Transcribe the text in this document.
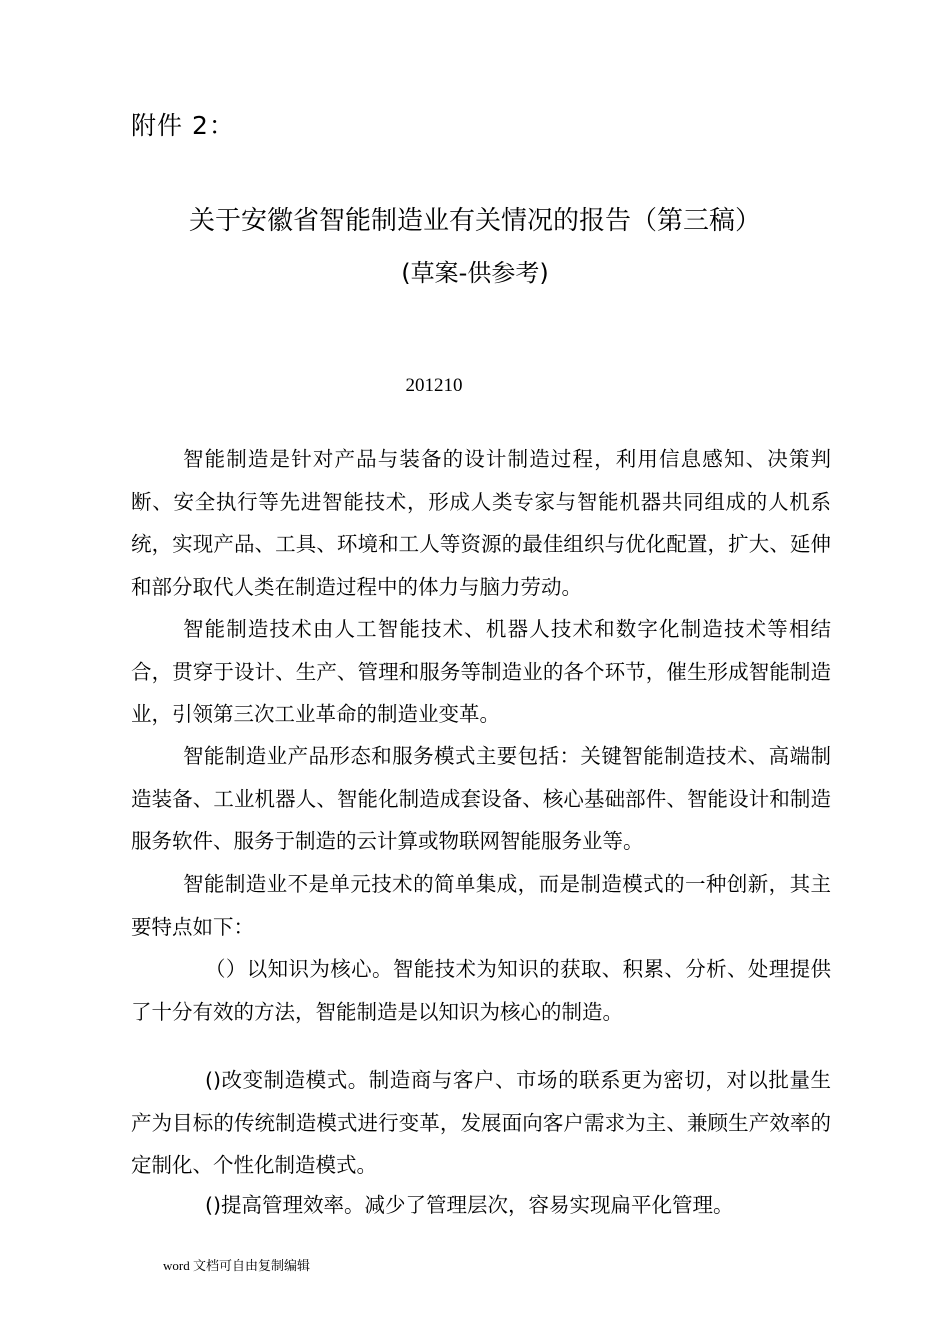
附件 2：
关于安徽省智能制造业有关情况的报告（第三稿）
(草案-供参考)
201210

智能制造是针对产品与装备的设计制造过程，利用信息感知、决策判断、安全执行等先进智能技术，形成人类专家与智能机器共同组成的人机系统，实现产品、工具、环境和工人等资源的最佳组织与优化配置，扩大、延伸和部分取代人类在制造过程中的体力与脑力劳动。

智能制造技术由人工智能技术、机器人技术和数字化制造技术等相结合，贯穿于设计、生产、管理和服务等制造业的各个环节，催生形成智能制造业，引领第三次工业革命的制造业变革。

智能制造业产品形态和服务模式主要包括：关键智能制造技术、高端制造装备、工业机器人、智能化制造成套设备、核心基础部件、智能设计和制造服务软件、服务于制造的云计算或物联网智能服务业等。

智能制造业不是单元技术的简单集成，而是制造模式的一种创新，其主要特点如下：

（）以知识为核心。智能技术为知识的获取、积累、分析、处理提供了十分有效的方法，智能制造是以知识为核心的制造。

()改变制造模式。制造商与客户、市场的联系更为密切，对以批量生产为目标的传统制造模式进行变革，发展面向客户需求为主、兼顾生产效率的定制化、个性化制造模式。

()提高管理效率。减少了管理层次，容易实现扁平化管理。

word 文档可自由复制编辑
